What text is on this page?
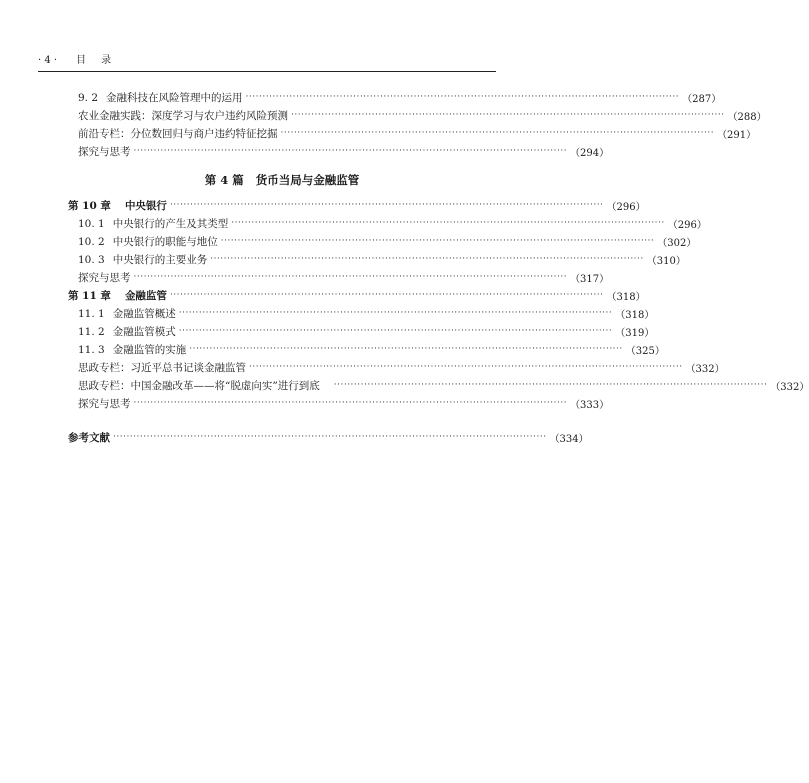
· 4 · 目 录
9. 2 金融科技在风险管理中的运用 ································································································································· （287）
农业金融实践：深度学习与农户违约风险预测 ································································································································· （288）
前沿专栏：分位数回归与商户违约特征挖掘 ································································································································· （291）
探究与思考 ································································································································· （294）
第 4 篇 货币当局与金融监管
第 10 章 中央银行 ································································································································· （296）
10. 1 中央银行的产生及其类型 ································································································································· （296）
10. 2 中央银行的职能与地位 ································································································································· （302）
10. 3 中央银行的主要业务 ································································································································· （310）
探究与思考 ································································································································· （317）
第 11 章 金融监管 ································································································································· （318）
11. 1 金融监管概述 ································································································································· （318）
11. 2 金融监管模式 ································································································································· （319）
11. 3 金融监管的实施 ································································································································· （325）
思政专栏：习近平总书记谈金融监管 ································································································································· （332）
思政专栏：中国金融改革——将“脱虚向实”进行到底 ································································································································· （332）
探究与思考 ································································································································· （333）
参考文献 ································································································································· （334）
